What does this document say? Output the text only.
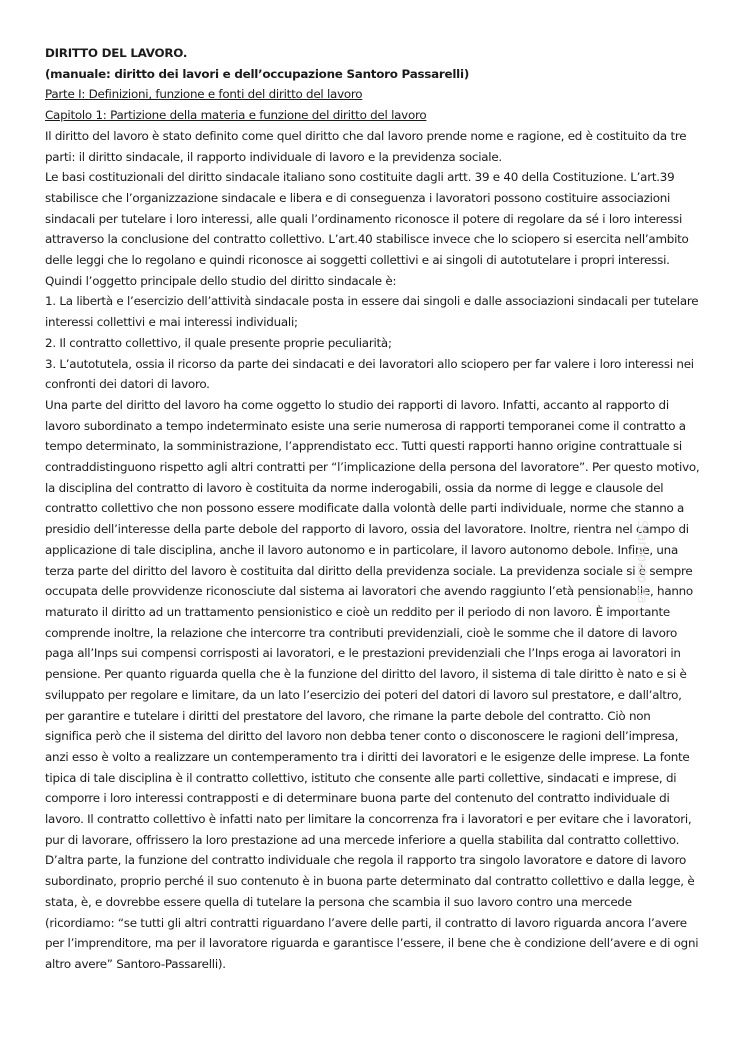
DIRITTO DEL LAVORO.

(manuale: diritto dei lavori e dell’occupazione Santoro Passarelli)

Parte I: Definizioni, funzione e fonti del diritto del lavoro

Capitolo 1: Partizione della materia e funzione del diritto del lavoro

Il diritto del lavoro è stato definito come quel diritto che dal lavoro prende nome e ragione, ed è costituito da tre parti: il diritto sindacale, il rapporto individuale di lavoro e la previdenza sociale.

Le basi costituzionali del diritto sindacale italiano sono costituite dagli artt. 39 e 40 della Costituzione. L’art.39 stabilisce che l’organizzazione sindacale e libera e di conseguenza i lavoratori possono costituire associazioni sindacali per tutelare i loro interessi, alle quali l’ordinamento riconosce il potere di regolare da sé i loro interessi attraverso la conclusione del contratto collettivo. L’art.40 stabilisce invece che lo sciopero si esercita nell’ambito delle leggi che lo regolano e quindi riconosce ai soggetti collettivi e ai singoli di autotutelare i propri interessi.

Quindi l’oggetto principale dello studio del diritto sindacale è:

1. La libertà e l’esercizio dell’attività sindacale posta in essere dai singoli e dalle associazioni sindacali per tutelare interessi collettivi e mai interessi individuali;

2. Il contratto collettivo, il quale presente proprie peculiarità;

3. L’autotutela, ossia il ricorso da parte dei sindacati e dei lavoratori allo sciopero per far valere i loro interessi nei confronti dei datori di lavoro.

Una parte del diritto del lavoro ha come oggetto lo studio dei rapporti di lavoro. Infatti, accanto al rapporto di lavoro subordinato a tempo indeterminato esiste una serie numerosa di rapporti temporanei come il contratto a tempo determinato, la somministrazione, l’apprendistato ecc. Tutti questi rapporti hanno origine contrattuale si contraddistinguono rispetto agli altri contratti per “l’implicazione della persona del lavoratore”. Per questo motivo, la disciplina del contratto di lavoro è costituita da norme inderogabili, ossia da norme di legge e clausole del contratto collettivo che non possono essere modificate dalla volontà delle parti individuale, norme che stanno a presidio dell’interesse della parte debole del rapporto di lavoro, ossia del lavoratore. Inoltre, rientra nel campo di applicazione di tale disciplina, anche il lavoro autonomo e in particolare, il lavoro autonomo debole. Infine, una terza parte del diritto del lavoro è costituita dal diritto della previdenza sociale. La previdenza sociale si è sempre occupata delle provvidenze riconosciute dal sistema ai lavoratori che avendo raggiunto l’età pensionabile, hanno maturato il diritto ad un trattamento pensionistico e cioè un reddito per il periodo di non lavoro. È importante comprende inoltre, la relazione che intercorre tra contributi previdenziali, cioè le somme che il datore di lavoro paga all’Inps sui compensi corrisposti ai lavoratori, e le prestazioni previdenziali che l’Inps eroga ai lavoratori in pensione. Per quanto riguarda quella che è la funzione del diritto del lavoro, il sistema di tale diritto è nato e si è sviluppato per regolare e limitare, da un lato l’esercizio dei poteri del datori di lavoro sul prestatore, e dall’altro, per garantire e tutelare i diritti del prestatore del lavoro, che rimane la parte debole del contratto. Ciò non significa però che il sistema del diritto del lavoro non debba tener conto o disconoscere le ragioni dell’impresa, anzi esso è volto a realizzare un contemperamento tra i diritti dei lavoratori e le esigenze delle imprese. La fonte tipica di tale disciplina è il contratto collettivo, istituto che consente alle parti collettive, sindacati e imprese, di comporre i loro interessi contrapposti e di determinare buona parte del contenuto del contratto individuale di lavoro. Il contratto collettivo è infatti nato per limitare la concorrenza fra i lavoratori e per evitare che i lavoratori, pur di lavorare, offrissero la loro prestazione ad una mercede inferiore a quella stabilita dal contratto collettivo. D’altra parte, la funzione del contratto individuale che regola il rapporto tra singolo lavoratore e datore di lavoro subordinato, proprio perché il suo contenuto è in buona parte determinato dal contratto collettivo e dalla legge, è stata, è, e dovrebbe essere quella di tutelare la persona che scambia il suo lavoro contro una mercede (ricordiamo: “se tutti gli altri contratti riguardano l’avere delle parti, il contratto di lavoro riguarda ancora l’avere per l’imprenditore, ma per il lavoratore riguarda e garantisce l’essere, il bene che è condizione dell’avere e di ogni altro avere” Santoro-Passarelli).

Stampato da ...
